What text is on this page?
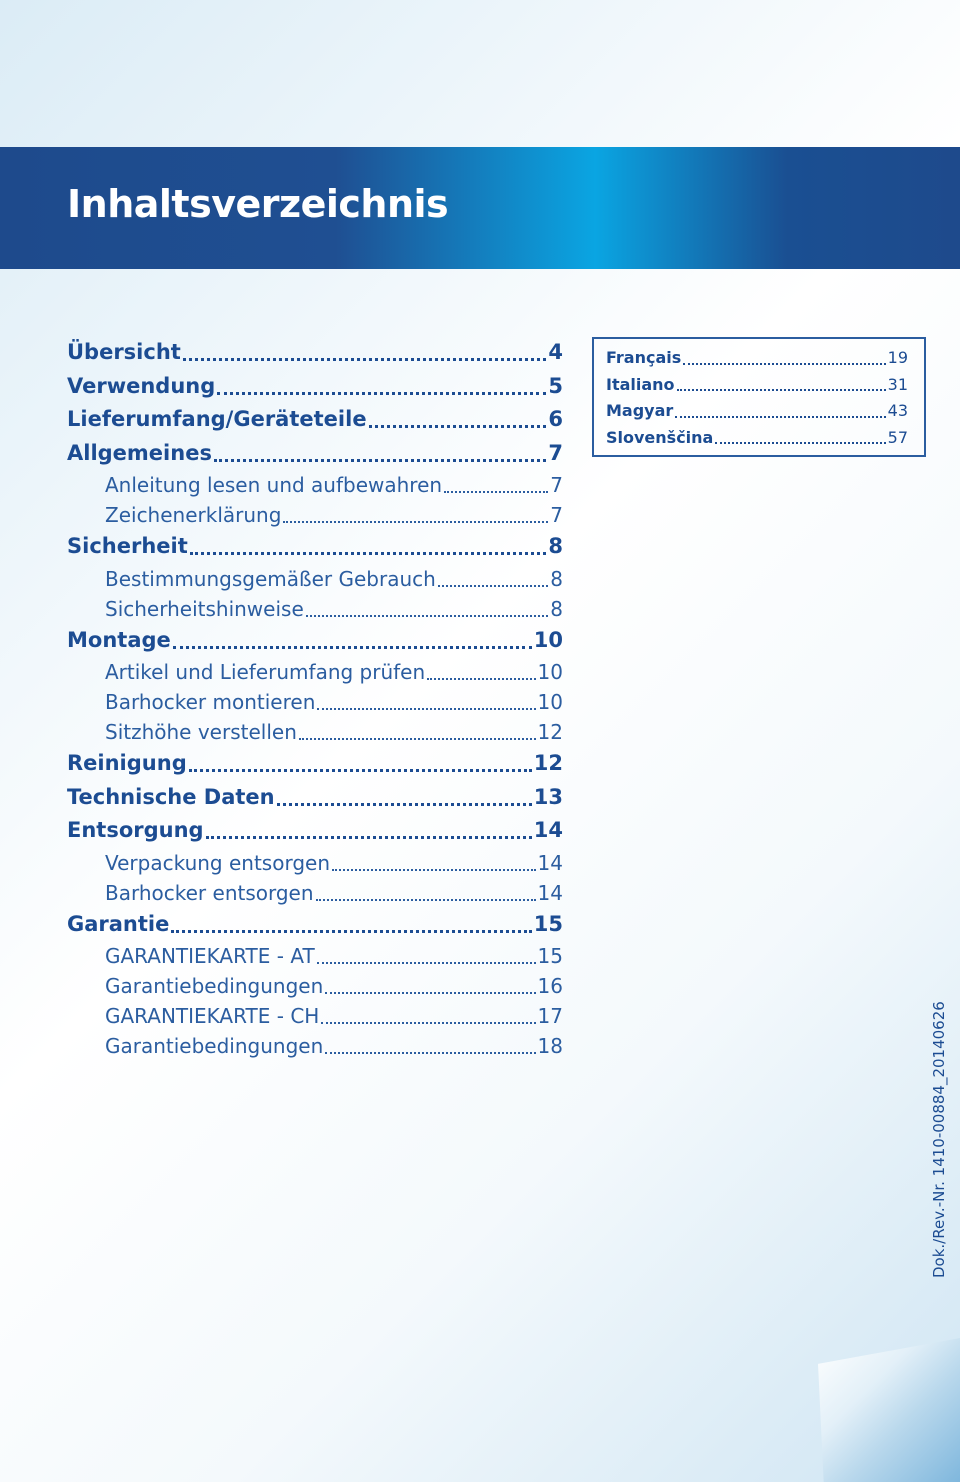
Inhaltsverzeichnis
Übersicht	4
Verwendung	5
Lieferumfang/Geräteteile	6
Allgemeines	7
Anleitung lesen und aufbewahren	7
Zeichenerklärung	7
Sicherheit	8
Bestimmungsgemäßer Gebrauch	8
Sicherheitshinweise	8
Montage	10
Artikel und Lieferumfang prüfen	10
Barhocker montieren	10
Sitzhöhe verstellen	12
Reinigung	12
Technische Daten	13
Entsorgung	14
Verpackung entsorgen	14
Barhocker entsorgen	14
Garantie	15
GARANTIEKARTE - AT	15
Garantiebedingungen	16
GARANTIEKARTE - CH	17
Garantiebedingungen	18
Français	19
Italiano	31
Magyar	43
Slovenščina	57
Dok./Rev.-Nr. 1410-00884_20140626
